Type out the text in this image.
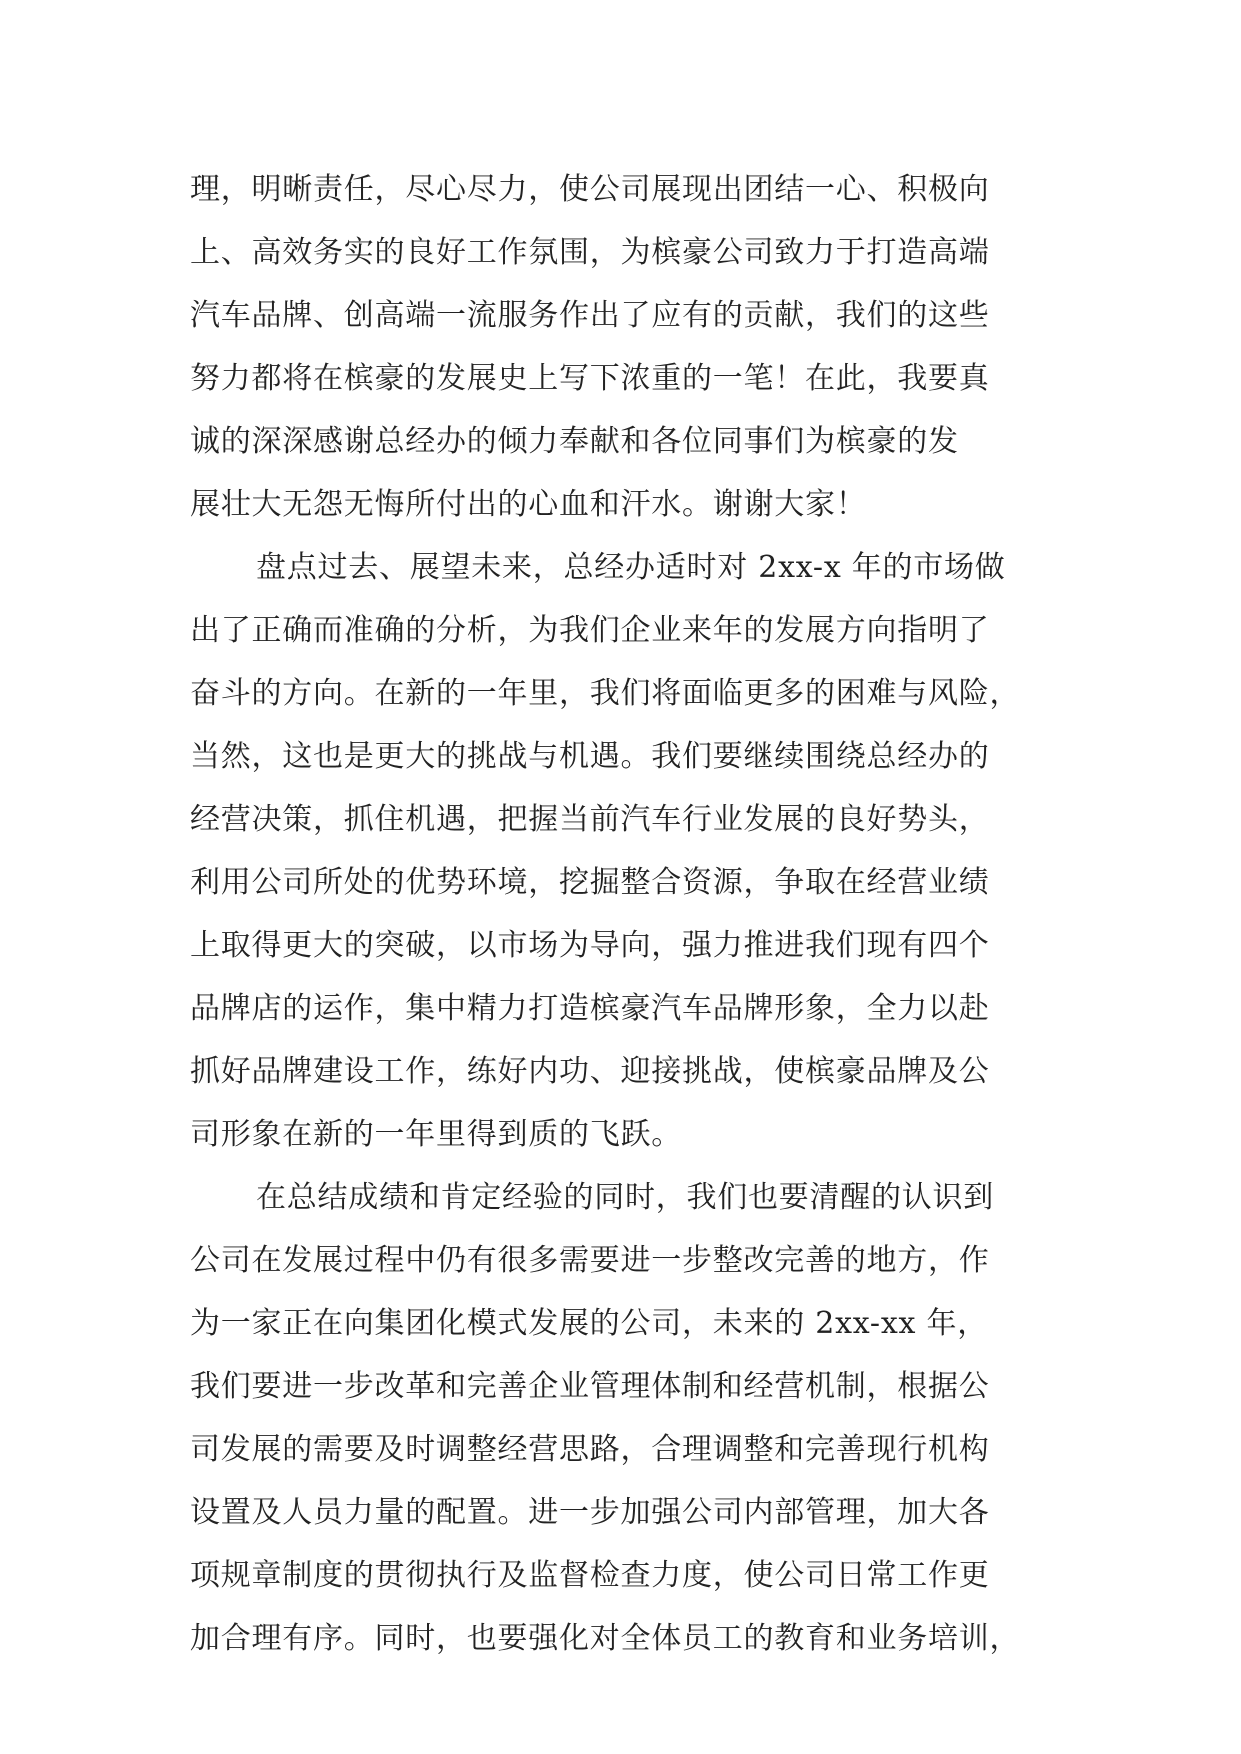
理，明晰责任，尽心尽力，使公司展现出团结一心、积极向
上、高效务实的良好工作氛围，为槟豪公司致力于打造高端
汽车品牌、创高端一流服务作出了应有的贡献，我们的这些
努力都将在槟豪的发展史上写下浓重的一笔！在此，我要真
诚的深深感谢总经办的倾力奉献和各位同事们为槟豪的发
展壮大无怨无悔所付出的心血和汗水。谢谢大家！
盘点过去、展望未来，总经办适时对 2xx-x 年的市场做
出了正确而准确的分析，为我们企业来年的发展方向指明了
奋斗的方向。在新的一年里，我们将面临更多的困难与风险，
当然，这也是更大的挑战与机遇。我们要继续围绕总经办的
经营决策，抓住机遇，把握当前汽车行业发展的良好势头，
利用公司所处的优势环境，挖掘整合资源，争取在经营业绩
上取得更大的突破，以市场为导向，强力推进我们现有四个
品牌店的运作，集中精力打造槟豪汽车品牌形象，全力以赴
抓好品牌建设工作，练好内功、迎接挑战，使槟豪品牌及公
司形象在新的一年里得到质的飞跃。
在总结成绩和肯定经验的同时，我们也要清醒的认识到
公司在发展过程中仍有很多需要进一步整改完善的地方，作
为一家正在向集团化模式发展的公司，未来的 2xx-xx 年，
我们要进一步改革和完善企业管理体制和经营机制，根据公
司发展的需要及时调整经营思路，合理调整和完善现行机构
设置及人员力量的配置。进一步加强公司内部管理，加大各
项规章制度的贯彻执行及监督检查力度，使公司日常工作更
加合理有序。同时，也要强化对全体员工的教育和业务培训，
